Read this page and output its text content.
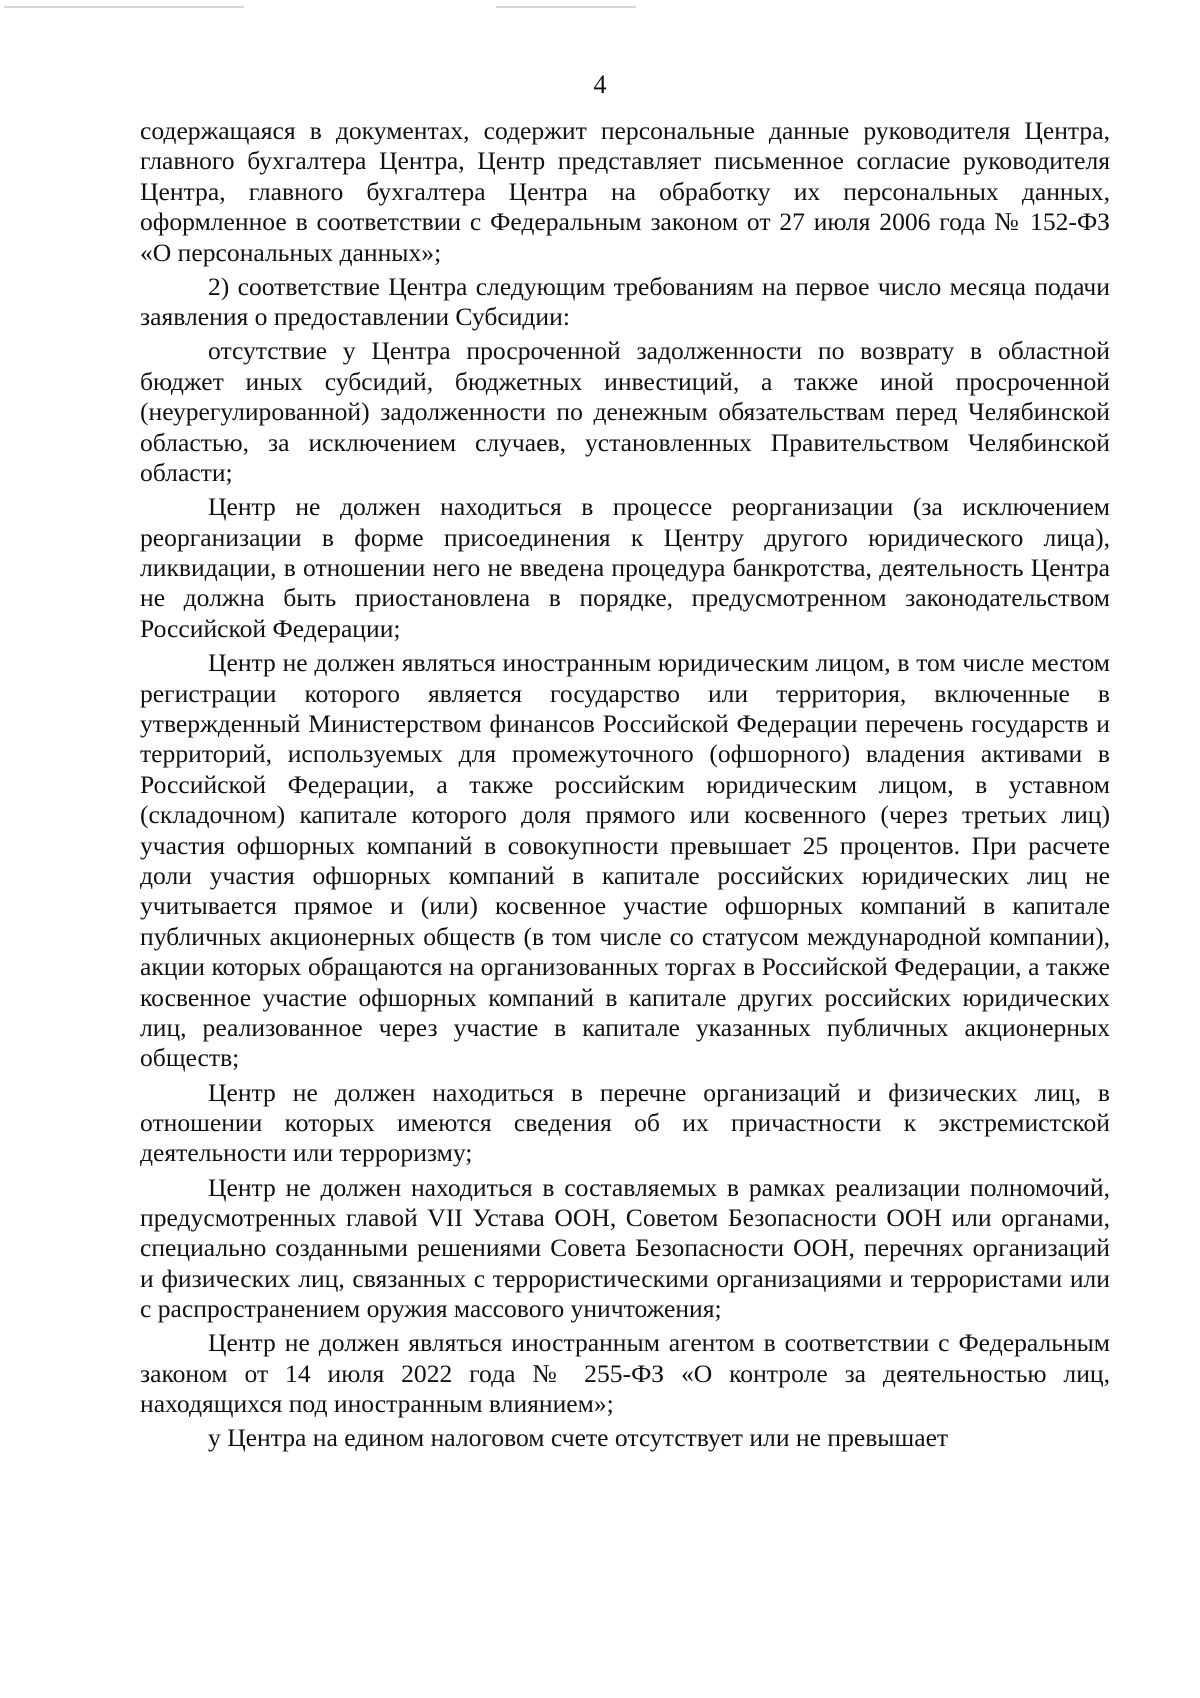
4

содержащаяся в документах, содержит персональные данные руководителя Центра, главного бухгалтера Центра, Центр представляет письменное согласие руководителя Центра, главного бухгалтера Центра на обработку их персональных данных, оформленное в соответствии с Федеральным законом от 27 июля 2006 года № 152-ФЗ «О персональных данных»;

2) соответствие Центра следующим требованиям на первое число месяца подачи заявления о предоставлении Субсидии:

отсутствие у Центра просроченной задолженности по возврату в областной бюджет иных субсидий, бюджетных инвестиций, а также иной просроченной (неурегулированной) задолженности по денежным обязательствам перед Челябинской областью, за исключением случаев, установленных Правительством Челябинской области;

Центр не должен находиться в процессе реорганизации (за исключением реорганизации в форме присоединения к Центру другого юридического лица), ликвидации, в отношении него не введена процедура банкротства, деятельность Центра не должна быть приостановлена в порядке, предусмотренном законодательством Российской Федерации;

Центр не должен являться иностранным юридическим лицом, в том числе местом регистрации которого является государство или территория, включенные в утвержденный Министерством финансов Российской Федерации перечень государств и территорий, используемых для промежуточного (офшорного) владения активами в Российской Федерации, а также российским юридическим лицом, в уставном (складочном) капитале которого доля прямого или косвенного (через третьих лиц) участия офшорных компаний в совокупности превышает 25 процентов. При расчете доли участия офшорных компаний в капитале российских юридических лиц не учитывается прямое и (или) косвенное участие офшорных компаний в капитале публичных акционерных обществ (в том числе со статусом международной компании), акции которых обращаются на организованных торгах в Российской Федерации, а также косвенное участие офшорных компаний в капитале других российских юридических лиц, реализованное через участие в капитале указанных публичных акционерных обществ;

Центр не должен находиться в перечне организаций и физических лиц, в отношении которых имеются сведения об их причастности к экстремистской деятельности или терроризму;

Центр не должен находиться в составляемых в рамках реализации полномочий, предусмотренных главой VII Устава ООН, Советом Безопасности ООН или органами, специально созданными решениями Совета Безопасности ООН, перечнях организаций и физических лиц, связанных с террористическими организациями и террористами или с распространением оружия массового уничтожения;

Центр не должен являться иностранным агентом в соответствии с Федеральным законом от 14 июля 2022 года № 255-ФЗ «О контроле за деятельностью лиц, находящихся под иностранным влиянием»;

у Центра на едином налоговом счете отсутствует или не превышает
